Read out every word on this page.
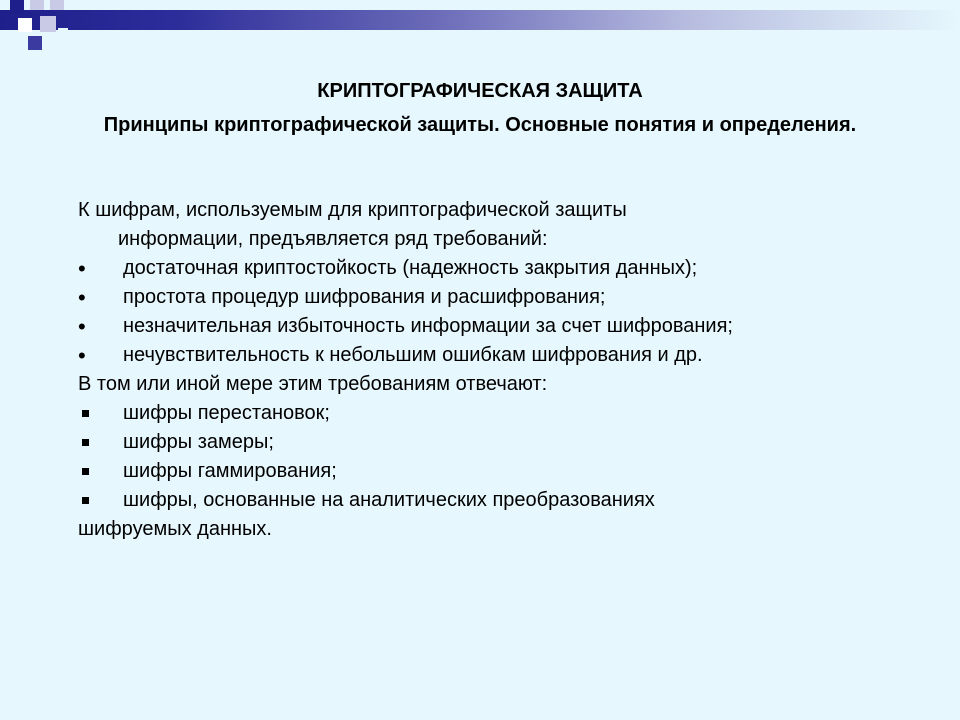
КРИПТОГРАФИЧЕСКАЯ ЗАЩИТА
Принципы криптографической защиты. Основные понятия и определения.
К шифрам, используемым для криптографической защиты
информации, предъявляется ряд требований:
•	достаточная криптостойкость (надежность закрытия данных);
•	простота процедур шифрования и расшифрования;
•	незначительная избыточность информации за счет шифрования;
•	нечувствительность к небольшим ошибкам шифрования и др.
В том или иной мере этим требованиям отвечают:
шифры перестановок;
шифры замеры;
шифры гаммирования;
шифры, основанные на аналитических преобразованиях
шифруемых данных.
